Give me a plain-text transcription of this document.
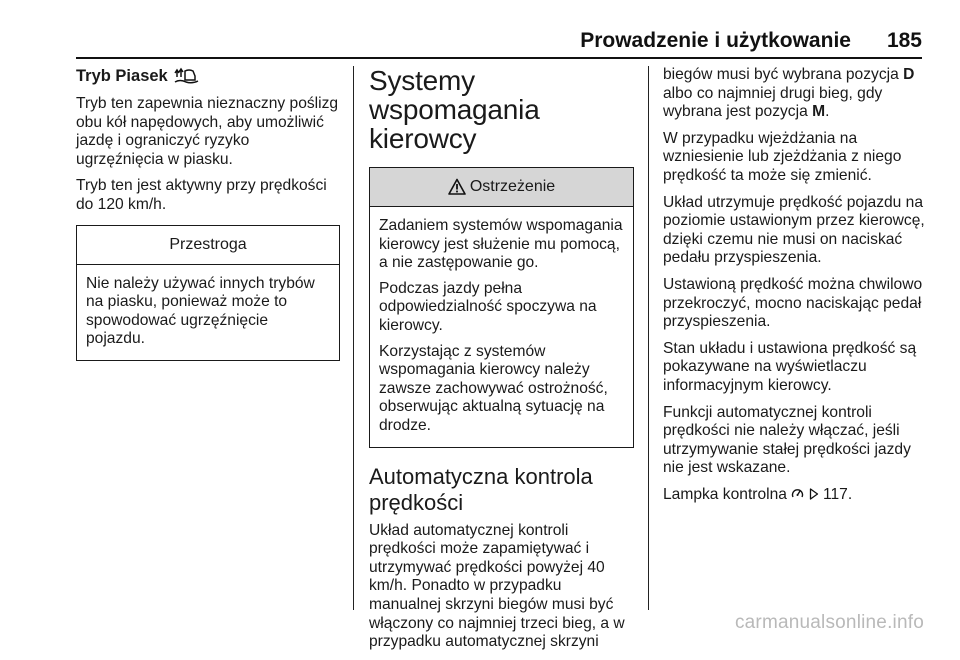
Prowadzenie i użytkowanie 185
Tryb Piasek

Tryb ten zapewnia nieznaczny poślizg obu kół napędowych, aby umożliwić jazdę i ograniczyć ryzyko ugrzęźnięcia w piasku.

Tryb ten jest aktywny przy prędkości do 120 km/h.

Przestroga

Nie należy używać innych trybów na piasku, ponieważ może to spowodować ugrzęźnięcie pojazdu.

Systemy wspomagania kierowcy
Ostrzeżenie

Zadaniem systemów wspomagania kierowcy jest służenie mu pomocą, a nie zastępowanie go.

Podczas jazdy pełna odpowiedzialność spoczywa na kierowcy.

Korzystając z systemów wspomagania kierowcy należy zawsze zachowywać ostrożność, obserwując aktualną sytuację na drodze.

Automatyczna kontrola prędkości

Układ automatycznej kontroli prędkości może zapamiętywać i utrzymywać prędkości powyżej 40 km/h. Ponadto w przypadku manualnej skrzyni biegów musi być włączony co najmniej trzeci bieg, a w przypadku automatycznej skrzyni

biegów musi być wybrana pozycja D albo co najmniej drugi bieg, gdy wybrana jest pozycja M.

W przypadku wjeżdżania na wzniesienie lub zjeżdżania z niego prędkość ta może się zmienić.

Układ utrzymuje prędkość pojazdu na poziomie ustawionym przez kierowcę, dzięki czemu nie musi on naciskać pedału przyspieszenia.

Ustawioną prędkość można chwilowo przekroczyć, mocno naciskając pedał przyspieszenia.

Stan układu i ustawiona prędkość są pokazywane na wyświetlaczu informacyjnym kierowcy.

Funkcji automatycznej kontroli prędkości nie należy włączać, jeśli utrzymywanie stałej prędkości jazdy nie jest wskazane.

Lampka kontrolna   117.

carmanualsonline.info
